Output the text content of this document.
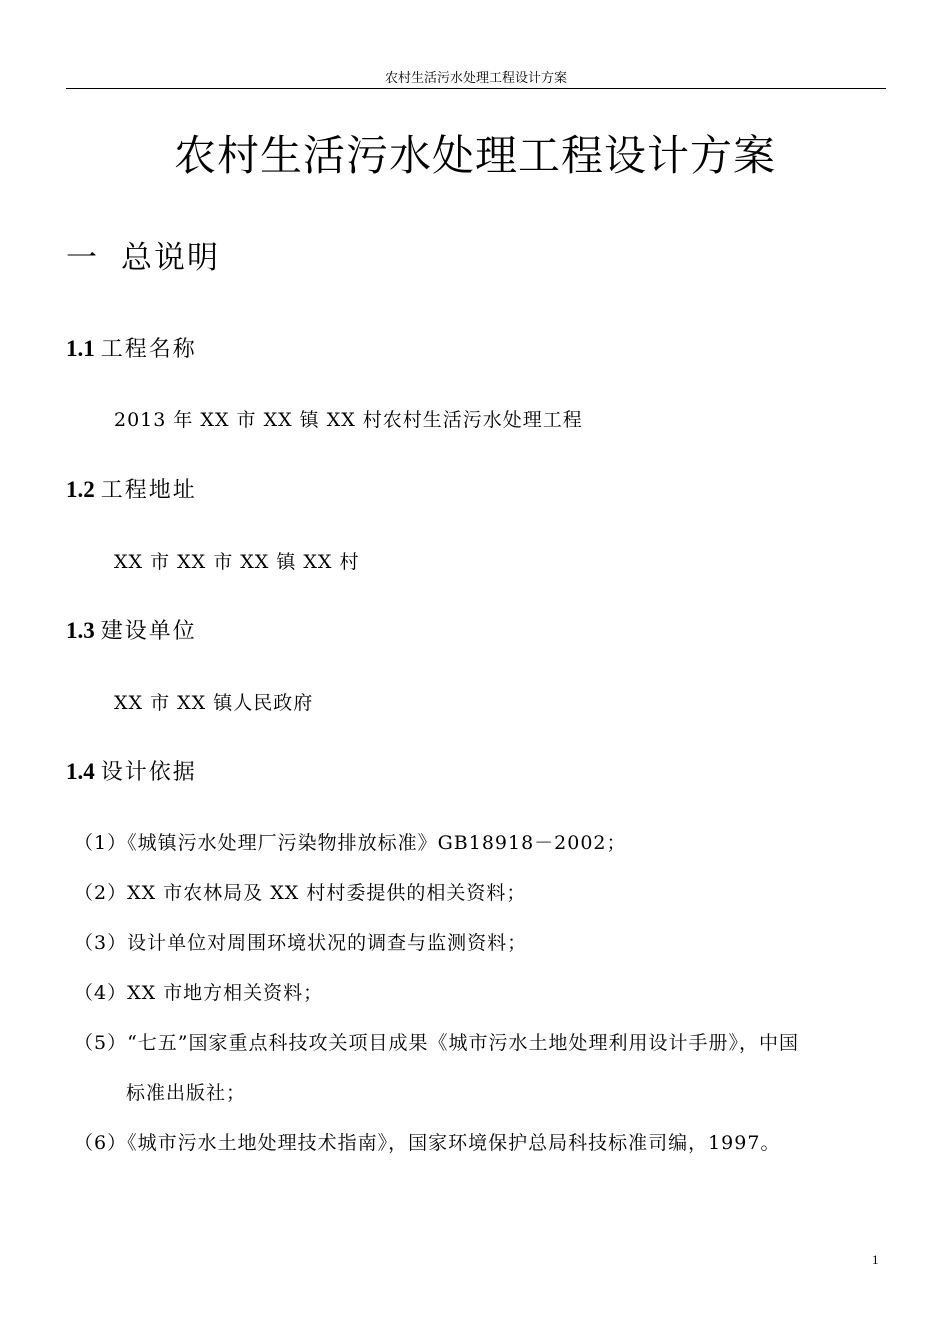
农村生活污水处理工程设计方案
农村生活污水处理工程设计方案
一 总说明
1.1 工程名称
2013 年 XX 市 XX 镇 XX 村农村生活污水处理工程
1.2 工程地址
XX 市 XX 市 XX 镇 XX 村
1.3 建设单位
XX 市 XX 镇人民政府
1.4 设计依据
（1）《城镇污水处理厂污染物排放标准》GB18918－2002；
（2）XX 市农林局及 XX 村村委提供的相关资料；
（3）设计单位对周围环境状况的调查与监测资料；
（4）XX 市地方相关资料；
（5）“七五”国家重点科技攻关项目成果《城市污水土地处理利用设计手册》，中国
标准出版社；
（6）《城市污水土地处理技术指南》，国家环境保护总局科技标准司编，1997。
1
